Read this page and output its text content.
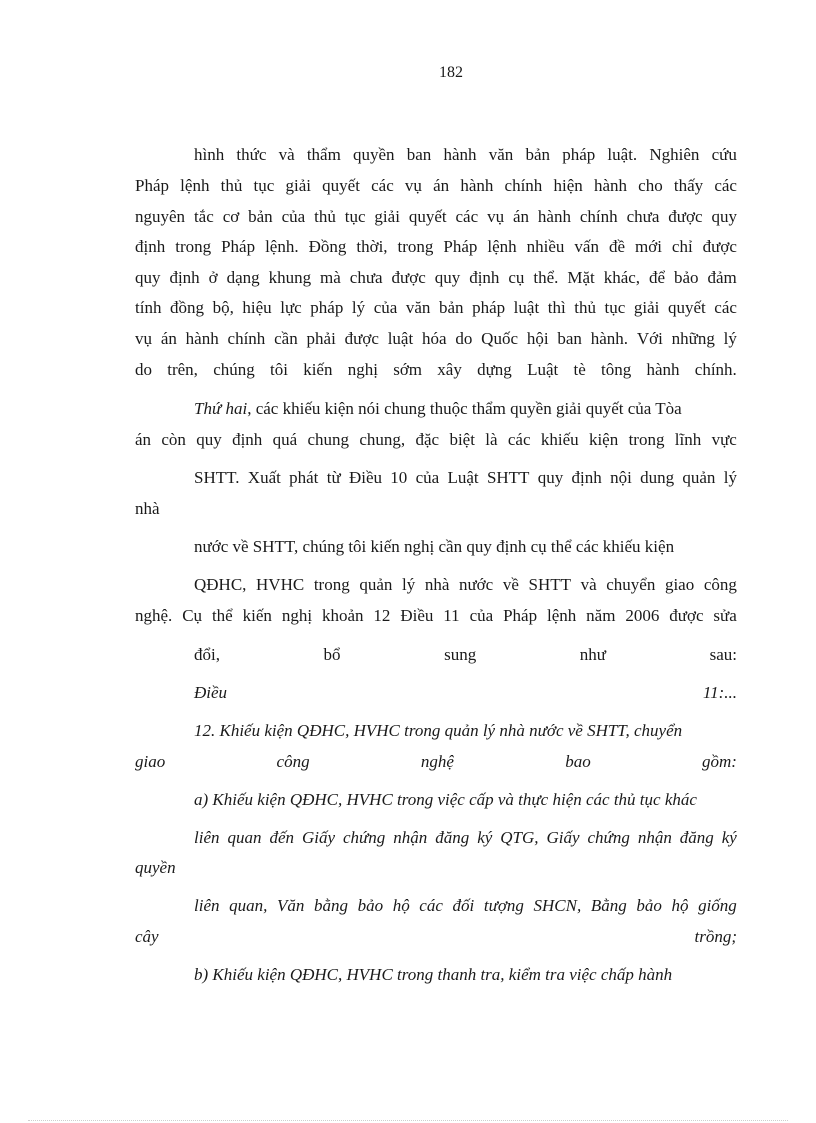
182
hình thức và thẩm quyền ban hành văn bản pháp luật. Nghiên cứu
Pháp lệnh thủ tục giải quyết các vụ án hành chính hiện hành cho thấy các
nguyên tắc cơ bản của thủ tục giải quyết các vụ án hành chính chưa được quy
định trong Pháp lệnh. Đồng thời, trong Pháp lệnh nhiều vấn đề mới chỉ được
quy định ở dạng khung mà chưa được quy định cụ thể. Mặt khác, để bảo đảm
tính đồng bộ, hiệu lực pháp lý của văn bản pháp luật thì thủ tục giải quyết các
vụ án hành chính cần phải được luật hóa do Quốc hội ban hành. Với những lý
do trên, chúng tôi kiến nghị sớm xây dựng Luật tè tông hành chính.
Thứ hai, các khiếu kiện nói chung thuộc thẩm quyền giải quyết của Tòa
án còn quy định quá chung chung, đặc biệt là các khiếu kiện trong lĩnh vực
SHTT. Xuất phát từ Điều 10 của Luật SHTT quy định nội dung quản lý
nhà
nước về SHTT, chúng tôi kiến nghị cần quy định cụ thể các khiếu kiện
QĐHC, HVHC trong quản lý nhà nước về SHTT và chuyển giao công
nghệ. Cụ thể kiến nghị khoản 12 Điều 11 của Pháp lệnh năm 2006 được sửa
đổi,	bổ	sung	như	sau:
Điều	11:...
12. Khiếu kiện QĐHC, HVHC trong quản lý nhà nước về SHTT, chuyển
giao	công	nghệ	bao	gồm:
a) Khiếu kiện QĐHC, HVHC trong việc cấp và thực hiện các thủ tục khác
liên quan đến Giấy chứng nhận đăng ký QTG, Giấy chứng nhận đăng ký
quyền
liên quan, Văn bằng bảo hộ các đối tượng SHCN, Bằng bảo hộ giống
cây	trồng;
b) Khiếu kiện QĐHC, HVHC trong thanh tra, kiểm tra việc chấp hành
